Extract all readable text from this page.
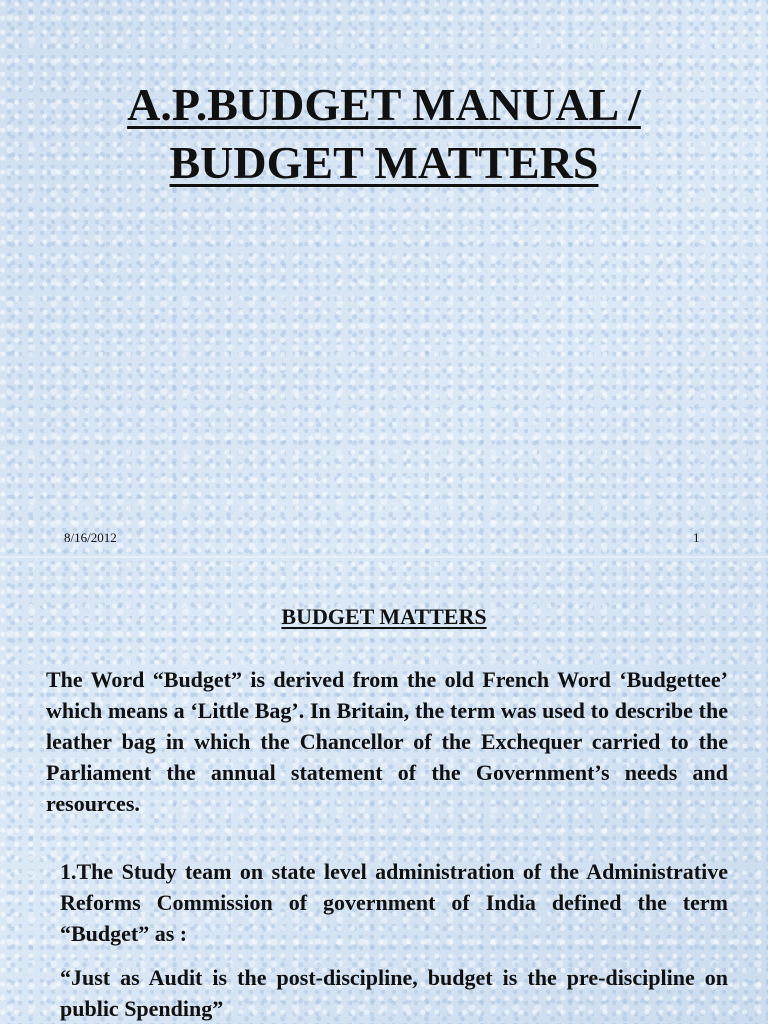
A.P.BUDGET MANUAL /
BUDGET MATTERS
8/16/2012	1
BUDGET MATTERS

The Word “Budget” is derived from the old French Word ‘Budgettee’ which means a ‘Little Bag’. In Britain, the term was used to describe the leather bag in which the Chancellor of the Exchequer carried to the Parliament the annual statement of the Government’s needs and resources.

1.The Study team on state level administration of the Administrative Reforms Commission of government of India defined the term “Budget” as :

“Just as Audit is the post-discipline, budget is the pre-discipline on public Spending”
